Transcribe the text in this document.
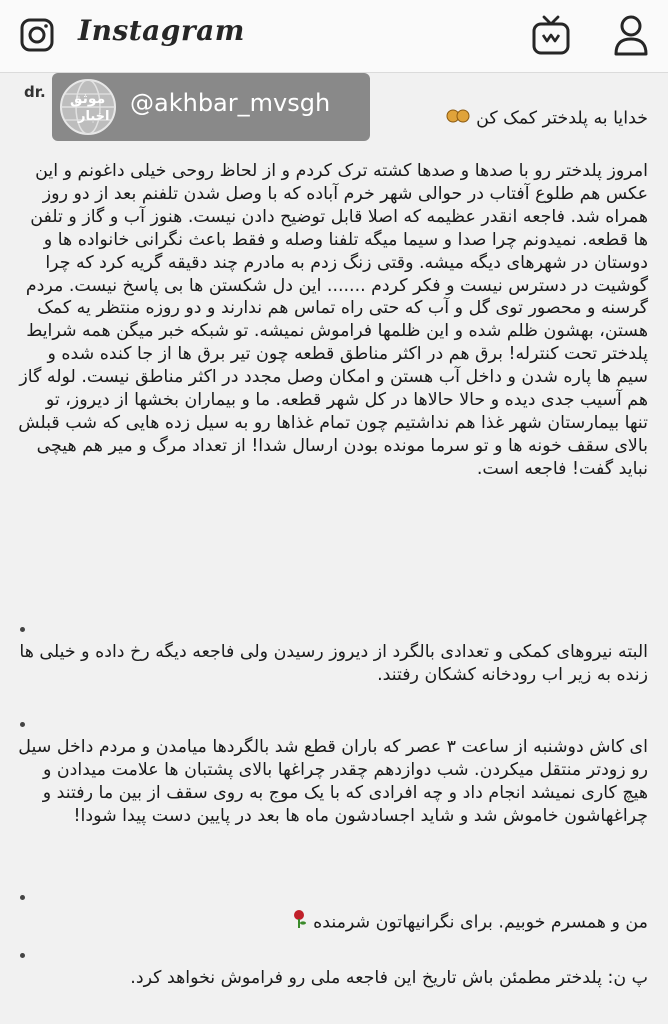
Instagram
dr. موثق
اخبار @akhbar_mvsgh
خدایا به پلدختر کمک کن
امروز پلدختر رو با صدها و صدها کشته ترک کردم و از لحاظ روحی خیلی داغونم و این عکس هم طلوع آفتاب در حوالی شهر خرم آباده که با وصل شدن تلفنم بعد از دو روز همراه شد. فاجعه انقدر عظیمه که اصلا قابل توضیح دادن نیست. هنوز آب و گاز و تلفن ها قطعه. نمیدونم چرا صدا و سیما میگه تلفنا وصله و فقط باعث نگرانی خانواده ها و دوستان در شهرهای دیگه میشه. وقتی زنگ زدم به مادرم چند دقیقه گریه کرد که چرا گوشیت در دسترس نیست و فکر کردم ....... این دل شکستن ها بی پاسخ نیست. مردم گرسنه و محصور توی گل و آب که حتی راه تماس هم ندارند و دو روزه منتظر یه کمک هستن، بهشون ظلم شده و این ظلمها فراموش نمیشه. تو شبکه خبر میگن همه شرایط پلدختر تحت کنترله! برق هم در اکثر مناطق قطعه چون تیر برق ها از جا کنده شده و سیم ها پاره شدن و داخل آب هستن و امکان وصل مجدد در اکثر مناطق نیست. لوله گاز هم آسیب جدی دیده و حالا حالاها در کل شهر قطعه. ما و بیماران بخشها از دیروز، تو تنها بیمارستان شهر غذا هم نداشتیم چون تمام غذاها رو به سیل زده هایی که شب قبلش بالای سقف خونه ها و تو سرما مونده بودن ارسال شدا! از تعداد مرگ و میر هم هیچی نباید گفت! فاجعه است.
البته نیروهای کمکی و تعدادی بالگرد از دیروز رسیدن ولی فاجعه دیگه رخ داده و خیلی ها زنده به زیر اب رودخانه کشکان رفتند.
ای کاش دوشنبه از ساعت ۳ عصر که باران قطع شد بالگردها میامدن و مردم داخل سیل رو زودتر منتقل میکردن. شب دوازدهم چقدر چراغها بالای پشتبان ها علامت میدادن و هیچ کاری نمیشد انجام داد و چه افرادی که با یک موج به روی سقف از بین ما رفتند و چراغهاشون خاموش شد و شاید اجسادشون ماه ها بعد در پایین دست پیدا شودا!
من و همسرم خوبیم. برای نگرانیهاتون شرمنده
پ ن: پلدختر مطمئن باش تاریخ این فاجعه ملی رو فراموش نخواهد کرد.
